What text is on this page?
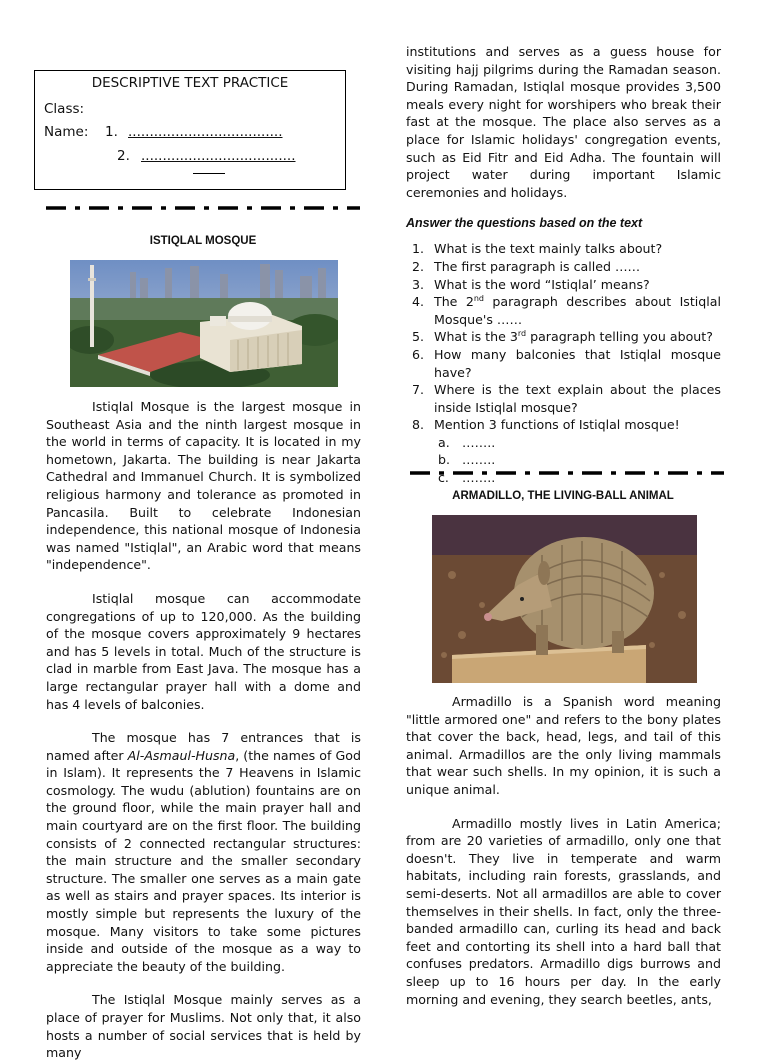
DESCRIPTIVE TEXT PRACTICE
Class:
Name: 1. ....................................
2. ....................................
ISTIQLAL MOSQUE

Istiqlal Mosque is the largest mosque in Southeast Asia and the ninth largest mosque in the world in terms of capacity. It is located in my hometown, Jakarta. The building is near Jakarta Cathedral and Immanuel Church. It is symbolized religious harmony and tolerance as promoted in Pancasila. Built to celebrate Indonesian independence, this national mosque of Indonesia was named "Istiqlal", an Arabic word that means "independence".

Istiqlal mosque can accommodate congregations of up to 120,000. As the building of the mosque covers approximately 9 hectares and has 5 levels in total. Much of the structure is clad in marble from East Java. The mosque has a large rectangular prayer hall with a dome and has 4 levels of balconies.

The mosque has 7 entrances that is named after Al-Asmaul-Husna, (the names of God in Islam). It represents the 7 Heavens in Islamic cosmology. The wudu (ablution) fountains are on the ground floor, while the main prayer hall and main courtyard are on the first floor. The building consists of 2 connected rectangular structures: the main structure and the smaller secondary structure. The smaller one serves as a main gate as well as stairs and prayer spaces. Its interior is mostly simple but represents the luxury of the mosque. Many visitors to take some pictures inside and outside of the mosque as a way to appreciate the beauty of the building.

The Istiqlal Mosque mainly serves as a place of prayer for Muslims. Not only that, it also hosts a number of social services that is held by many

institutions and serves as a guess house for visiting hajj pilgrims during the Ramadan season. During Ramadan, Istiqlal mosque provides 3,500 meals every night for worshipers who break their fast at the mosque. The place also serves as a place for Islamic holidays' congregation events, such as Eid Fitr and Eid Adha. The fountain will project water during important Islamic ceremonies and holidays.

Answer the questions based on the text
1. What is the text mainly talks about?
2. The first paragraph is called ……
3. What is the word “Istiqlal’ means?
4. The 2nd paragraph describes about Istiqlal Mosque's ……
5. What is the 3rd paragraph telling you about?
6. How many balconies that Istiqlal mosque have?
7. Where is the text explain about the places inside Istiqlal mosque?
8. Mention 3 functions of Istiqlal mosque!
a. ……..
b. ……..
c. ……..
ARMADILLO, THE LIVING-BALL ANIMAL

Armadillo is a Spanish word meaning "little armored one" and refers to the bony plates that cover the back, head, legs, and tail of this animal. Armadillos are the only living mammals that wear such shells. In my opinion, it is such a unique animal.

Armadillo mostly lives in Latin America; from are 20 varieties of armadillo, only one that doesn't. They live in temperate and warm habitats, including rain forests, grasslands, and semi-deserts. Not all armadillos are able to cover themselves in their shells. In fact, only the three-banded armadillo can, curling its head and back feet and contorting its shell into a hard ball that confuses predators. Armadillo digs burrows and sleep up to 16 hours per day. In the early morning and evening, they search beetles, ants,
